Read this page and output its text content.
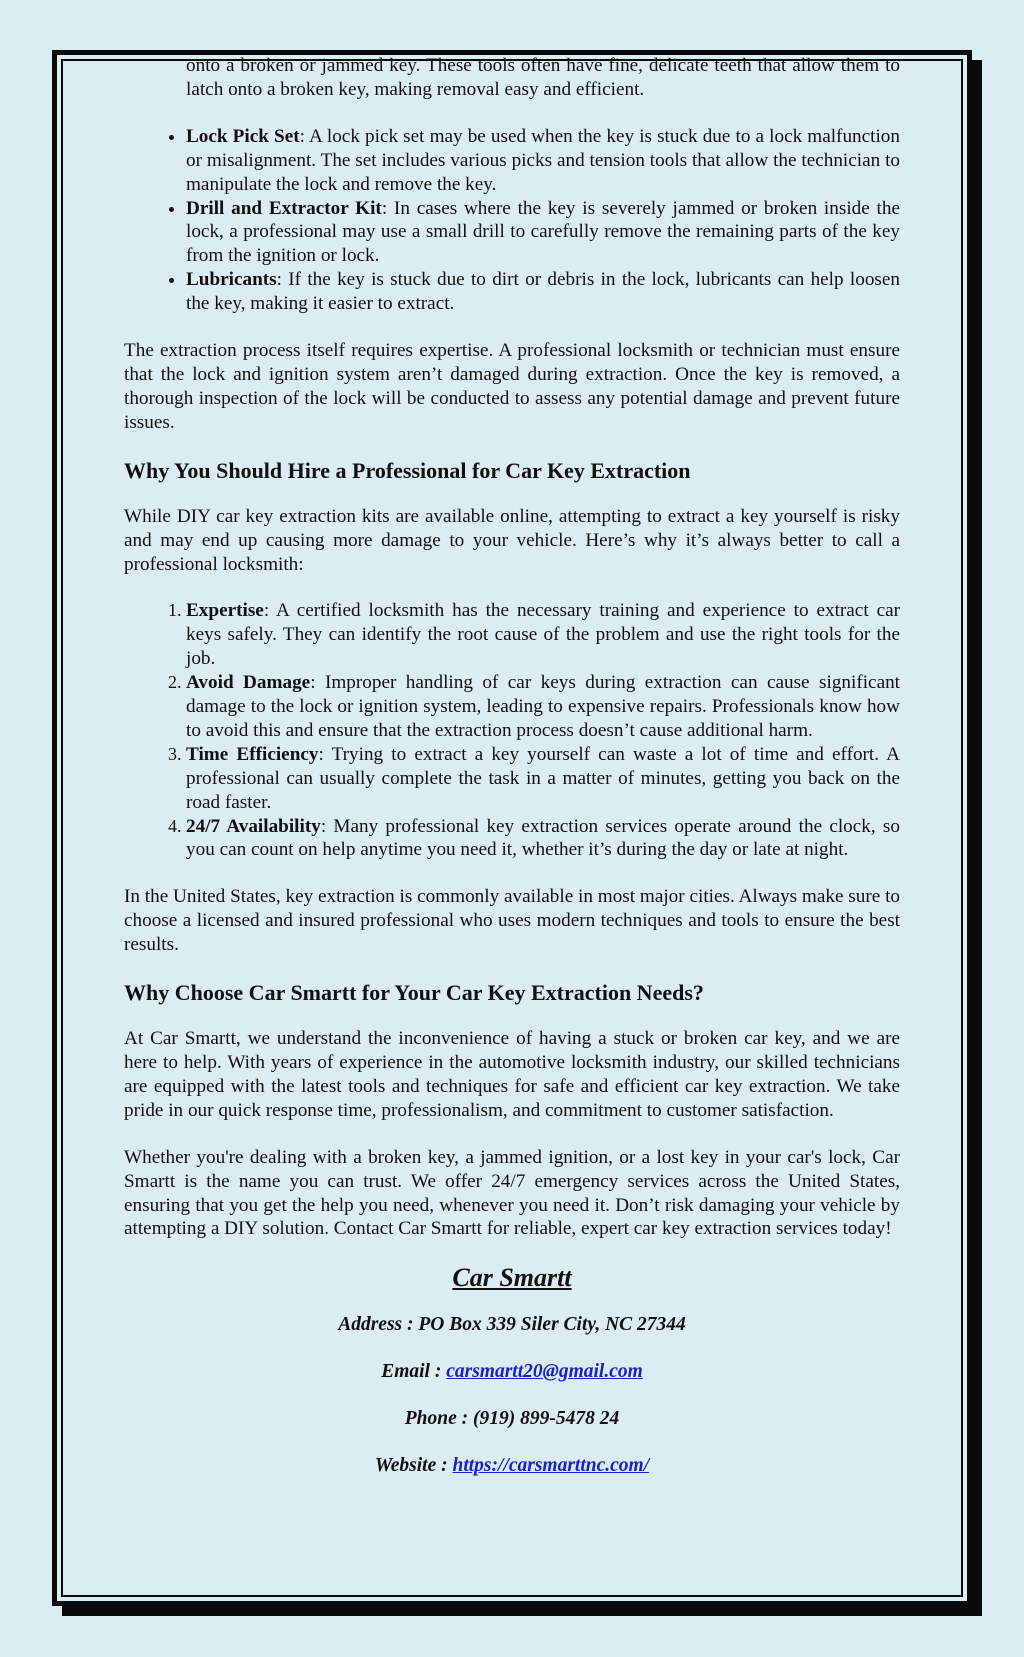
onto a broken or jammed key. These tools often have fine, delicate teeth that allow them to latch onto a broken key, making removal easy and efficient.

• Lock Pick Set: A lock pick set may be used when the key is stuck due to a lock malfunction or misalignment. The set includes various picks and tension tools that allow the technician to manipulate the lock and remove the key.
• Drill and Extractor Kit: In cases where the key is severely jammed or broken inside the lock, a professional may use a small drill to carefully remove the remaining parts of the key from the ignition or lock.
• Lubricants: If the key is stuck due to dirt or debris in the lock, lubricants can help loosen the key, making it easier to extract.

The extraction process itself requires expertise. A professional locksmith or technician must ensure that the lock and ignition system aren’t damaged during extraction. Once the key is removed, a thorough inspection of the lock will be conducted to assess any potential damage and prevent future issues.

Why You Should Hire a Professional for Car Key Extraction

While DIY car key extraction kits are available online, attempting to extract a key yourself is risky and may end up causing more damage to your vehicle. Here’s why it’s always better to call a professional locksmith:

1. Expertise: A certified locksmith has the necessary training and experience to extract car keys safely. They can identify the root cause of the problem and use the right tools for the job.
2. Avoid Damage: Improper handling of car keys during extraction can cause significant damage to the lock or ignition system, leading to expensive repairs. Professionals know how to avoid this and ensure that the extraction process doesn’t cause additional harm.
3. Time Efficiency: Trying to extract a key yourself can waste a lot of time and effort. A professional can usually complete the task in a matter of minutes, getting you back on the road faster.
4. 24/7 Availability: Many professional key extraction services operate around the clock, so you can count on help anytime you need it, whether it’s during the day or late at night.

In the United States, key extraction is commonly available in most major cities. Always make sure to choose a licensed and insured professional who uses modern techniques and tools to ensure the best results.

Why Choose Car Smartt for Your Car Key Extraction Needs?

At Car Smartt, we understand the inconvenience of having a stuck or broken car key, and we are here to help. With years of experience in the automotive locksmith industry, our skilled technicians are equipped with the latest tools and techniques for safe and efficient car key extraction. We take pride in our quick response time, professionalism, and commitment to customer satisfaction.

Whether you're dealing with a broken key, a jammed ignition, or a lost key in your car's lock, Car Smartt is the name you can trust. We offer 24/7 emergency services across the United States, ensuring that you get the help you need, whenever you need it. Don’t risk damaging your vehicle by attempting a DIY solution. Contact Car Smartt for reliable, expert car key extraction services today!

Car Smartt
Address : PO Box 339 Siler City, NC 27344
Email : carsmartt20@gmail.com
Phone : (919) 899-5478 24
Website : https://carsmarttnc.com/
